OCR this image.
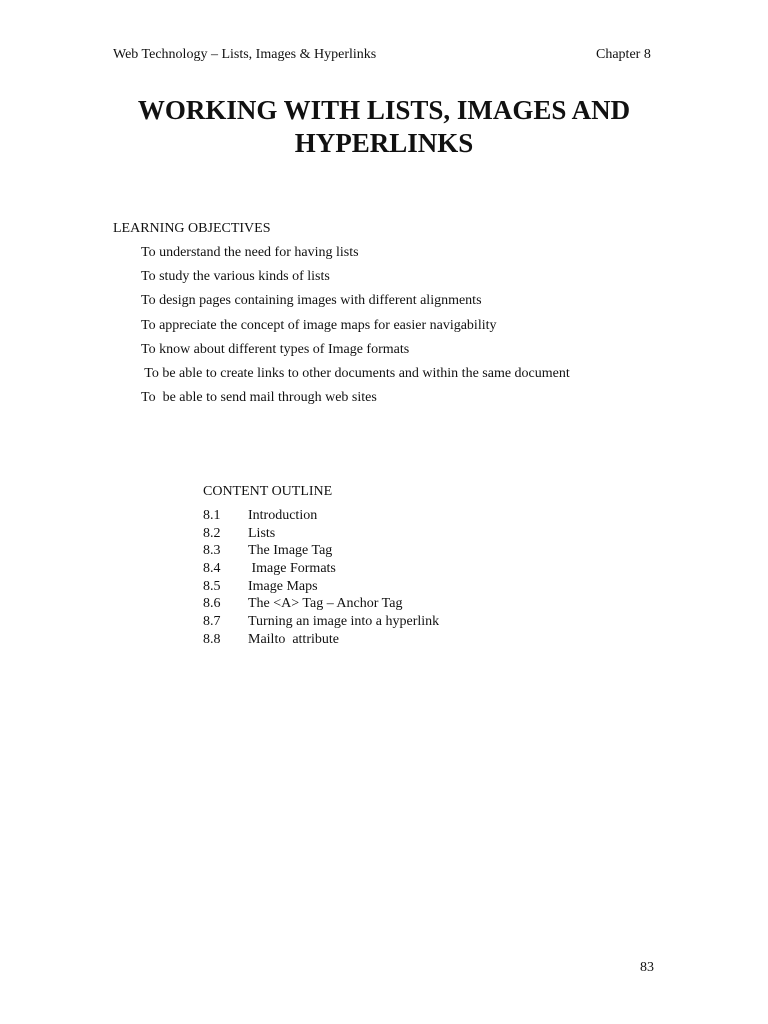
Web Technology – Lists, Images & Hyperlinks	Chapter 8
WORKING WITH LISTS, IMAGES AND
HYPERLINKS
LEARNING OBJECTIVES
To understand the need for having lists
To study the various kinds of lists
To design pages containing images with different alignments
To appreciate the concept of image maps for easier navigability
To know about different types of Image formats
To be able to create links to other documents and within the same document
To  be able to send mail through web sites
CONTENT OUTLINE
8.1 Introduction
8.2 Lists
8.3 The Image Tag
8.4 Image Formats
8.5 Image Maps
8.6 The <A> Tag – Anchor Tag
8.7 Turning an image into a hyperlink
8.8 Mailto  attribute
83
